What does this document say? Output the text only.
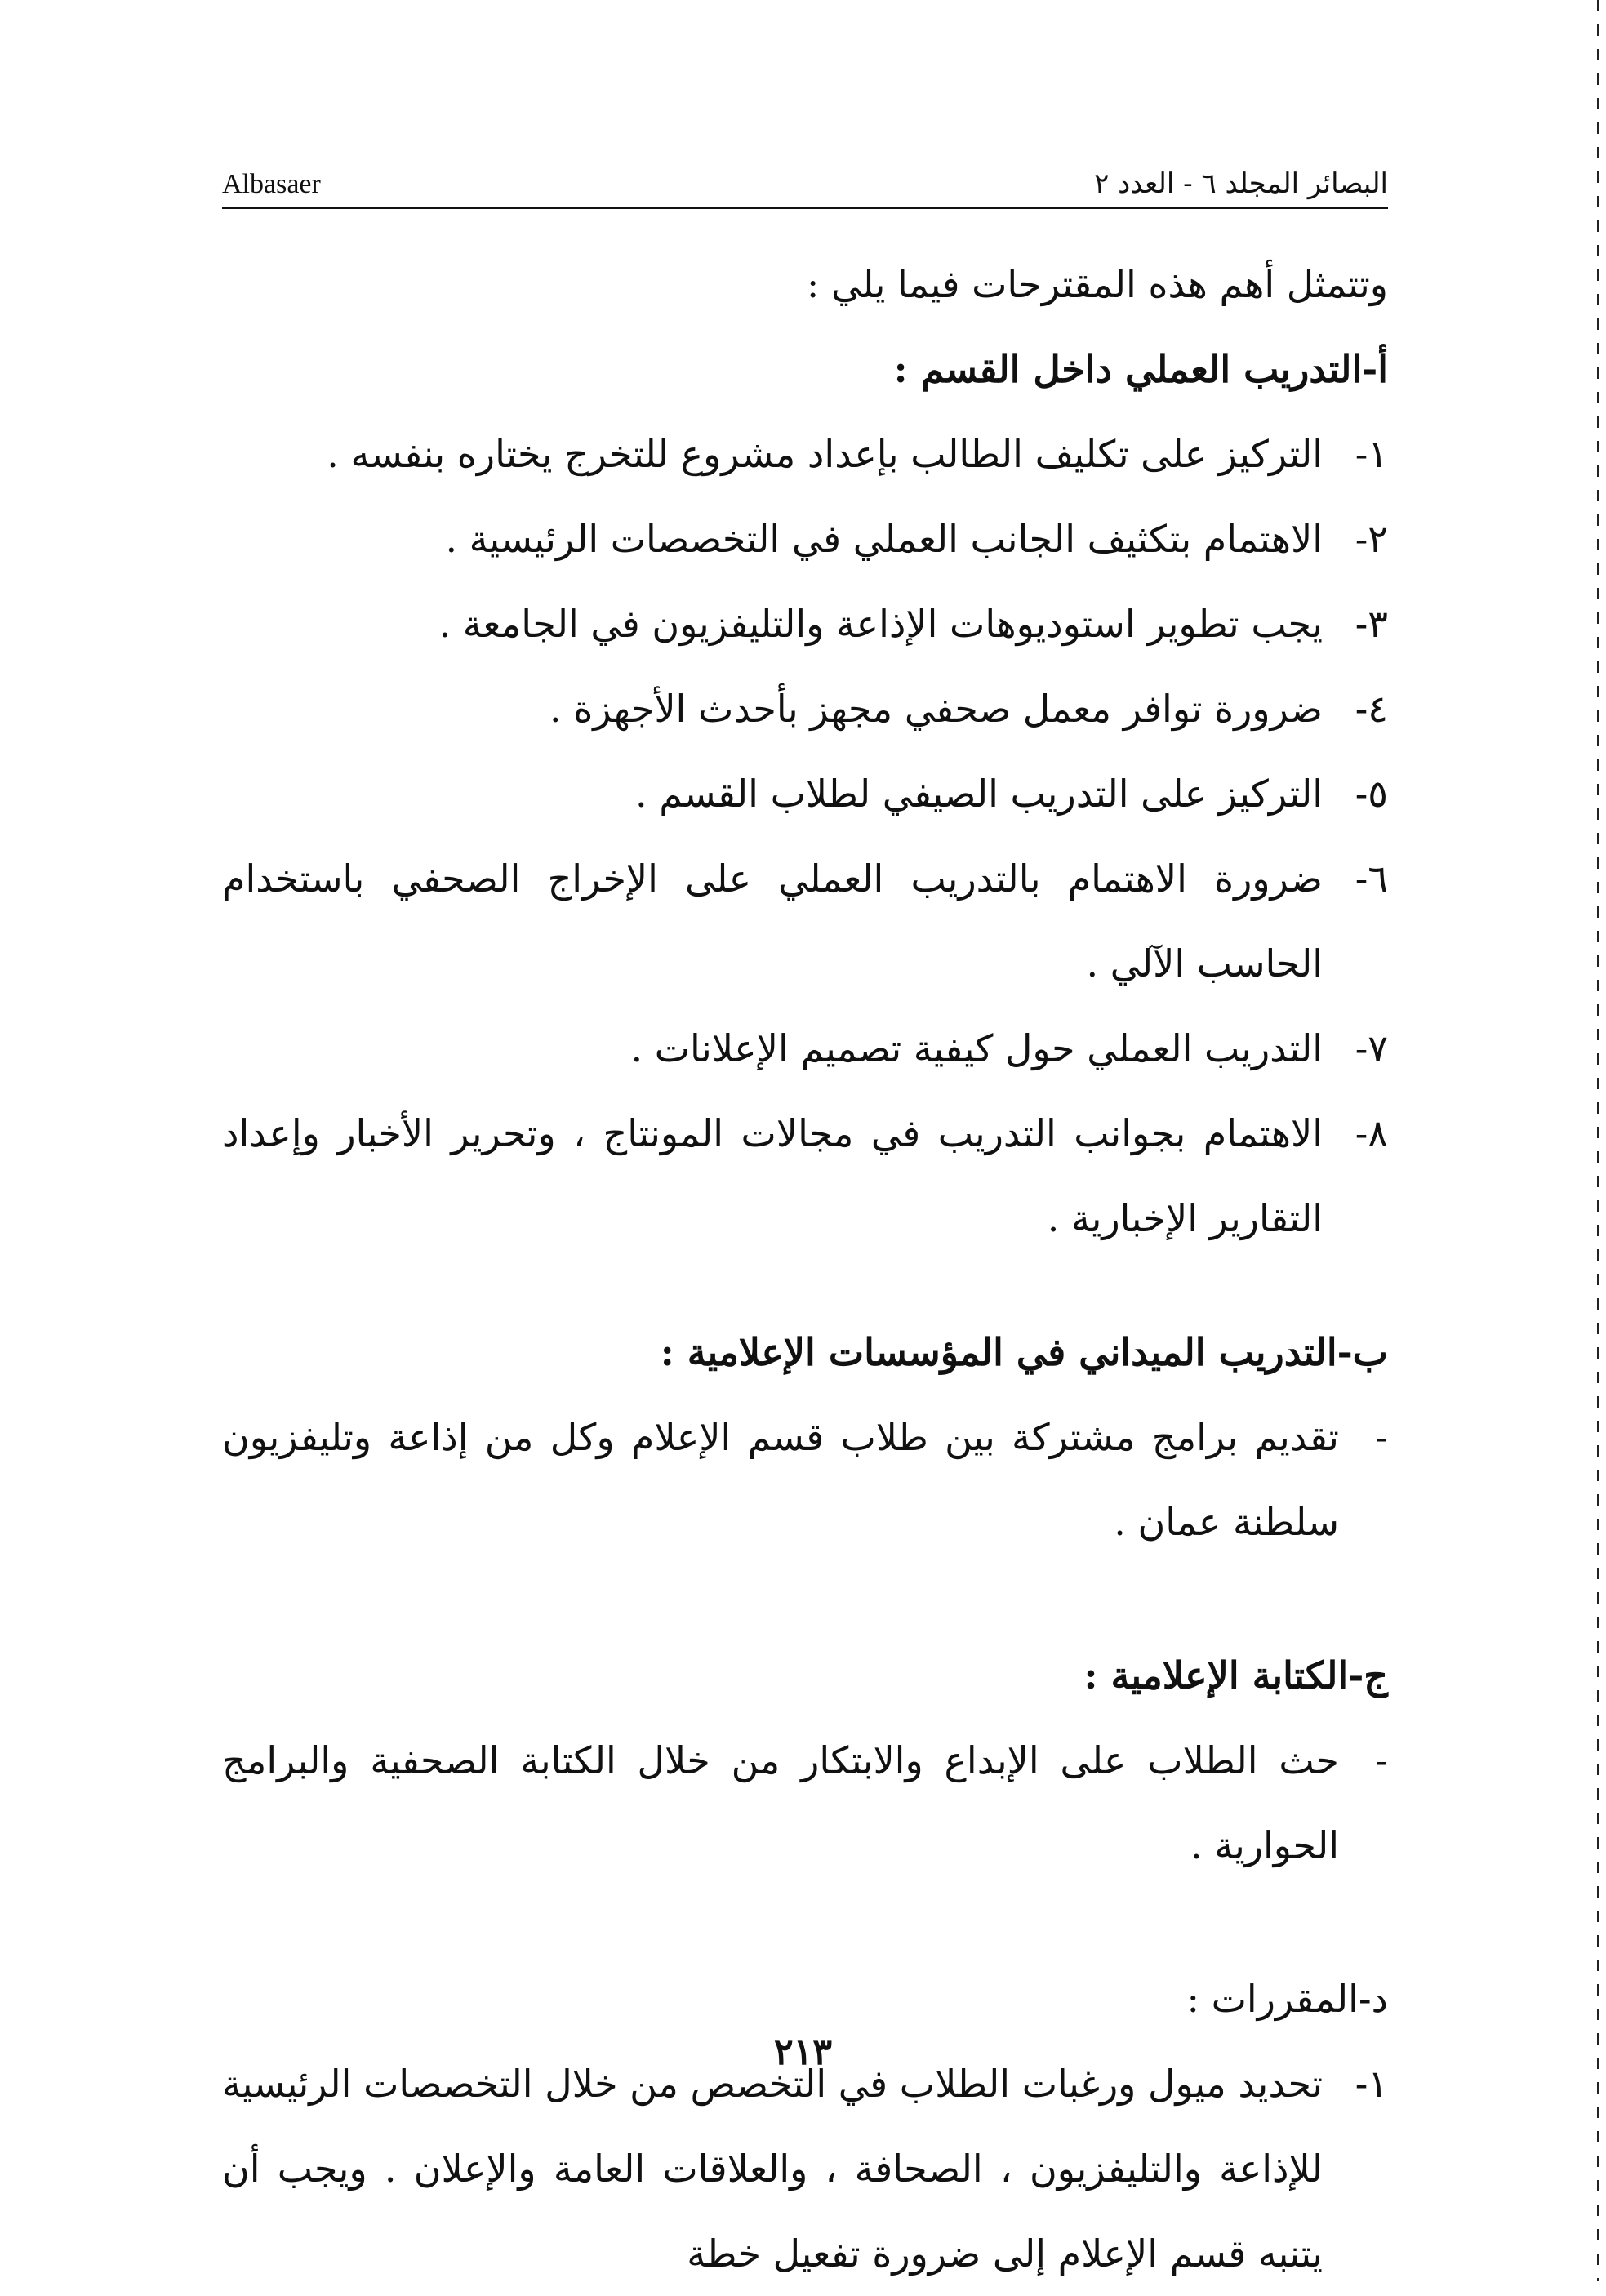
Albasaer	البصائر المجلد ٦ - العدد ٢
وتتمثل أهم هذه المقترحات فيما يلي :
أ-التدريب العملي داخل القسم :
١-
التركيز على تكليف الطالب بإعداد مشروع للتخرج يختاره بنفسه .
٢-
الاهتمام بتكثيف الجانب العملي في التخصصات الرئيسية .
٣-
يجب تطوير استوديوهات الإذاعة والتليفزيون في الجامعة .
٤-
ضرورة توافر معمل صحفي مجهز بأحدث الأجهزة .
٥-
التركيز على التدريب الصيفي لطلاب القسم .
٦-
ضرورة الاهتمام بالتدريب العملي على الإخراج الصحفي باستخدام الحاسب الآلي .
٧-
التدريب العملي حول كيفية تصميم الإعلانات .
٨-
الاهتمام بجوانب التدريب في مجالات المونتاج ، وتحرير الأخبار وإعداد التقارير الإخبارية .
ب-التدريب الميداني في المؤسسات الإعلامية :
-
تقديم برامج مشتركة بين طلاب قسم الإعلام وكل من إذاعة وتليفزيون سلطنة عمان .
ج-الكتابة الإعلامية :
-
حث الطلاب على الإبداع والابتكار من خلال الكتابة الصحفية والبرامج الحوارية .
د-المقررات :
١-
تحديد ميول ورغبات الطلاب في التخصص من خلال التخصصات الرئيسية للإذاعة والتليفزيون ، الصحافة ، والعلاقات العامة والإعلان . ويجب أن يتنبه قسم الإعلام إلى ضرورة تفعيل خطة
٢١٣
